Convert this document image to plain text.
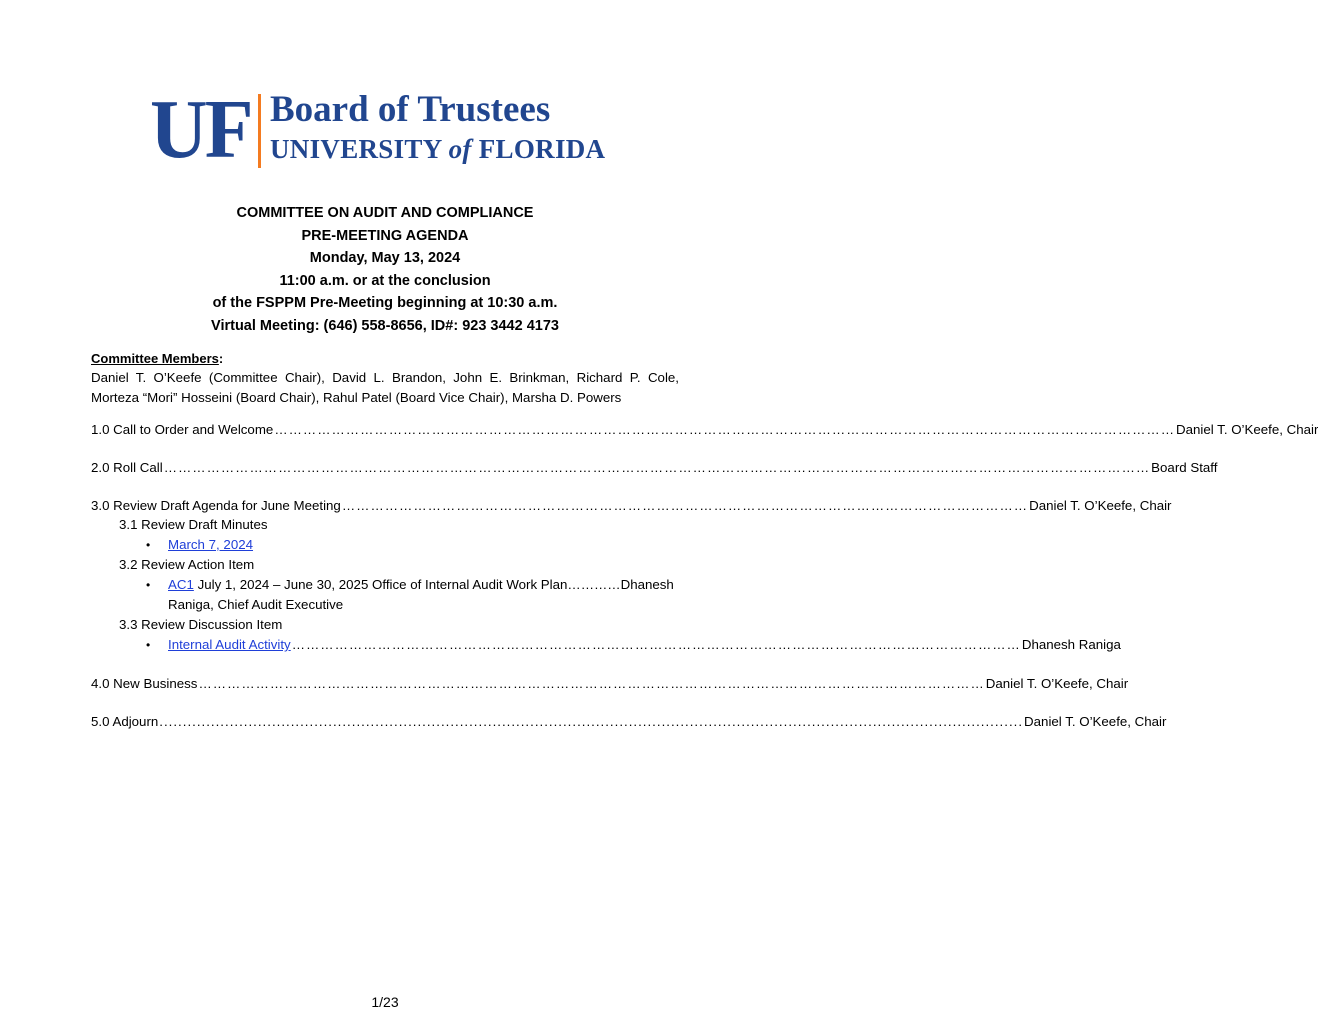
UF Board of Trustees
UNIVERSITY of FLORIDA
COMMITTEE ON AUDIT AND COMPLIANCE
PRE-MEETING AGENDA
Monday, May 13, 2024
11:00 a.m. or at the conclusion
of the FSPPM Pre-Meeting beginning at 10:30 a.m.
Virtual Meeting: (646) 558-8656, ID#: 923 3442 4173
Committee Members:
Daniel T. O’Keefe (Committee Chair), David L. Brandon, John E. Brinkman, Richard P. Cole, Morteza “Mori” Hosseini (Board Chair), Rahul Patel (Board Vice Chair), Marsha D. Powers
1.0 Call to Order and Welcome ……………………………………………………………………………………………………………………………………………………………………… Daniel T. O’Keefe, Chair
2.0 Roll Call ……………………………………………………………………………………………………………………………………………………………………………………… Board Staff
3.0 Review Draft Agenda for June Meeting ……………………………………………………………………………………………………………………………… Daniel T. O’Keefe, Chair
3.1 Review Draft Minutes
• March 7, 2024
3.2 Review Action Item
• AC1 July 1, 2024 – June 30, 2025 Office of Internal Audit Work Plan…………Dhanesh
Raniga, Chief Audit Executive
3.3 Review Discussion Item
• Internal Audit Activity ……………………………………………………………………………………………………………………………………… Dhanesh Raniga
4.0 New Business ………………………………………………………………………………………………………………………………………………… Daniel T. O’Keefe, Chair
5.0 Adjourn ........................................................................................................................................................................................ Daniel T. O’Keefe, Chair
1/23
